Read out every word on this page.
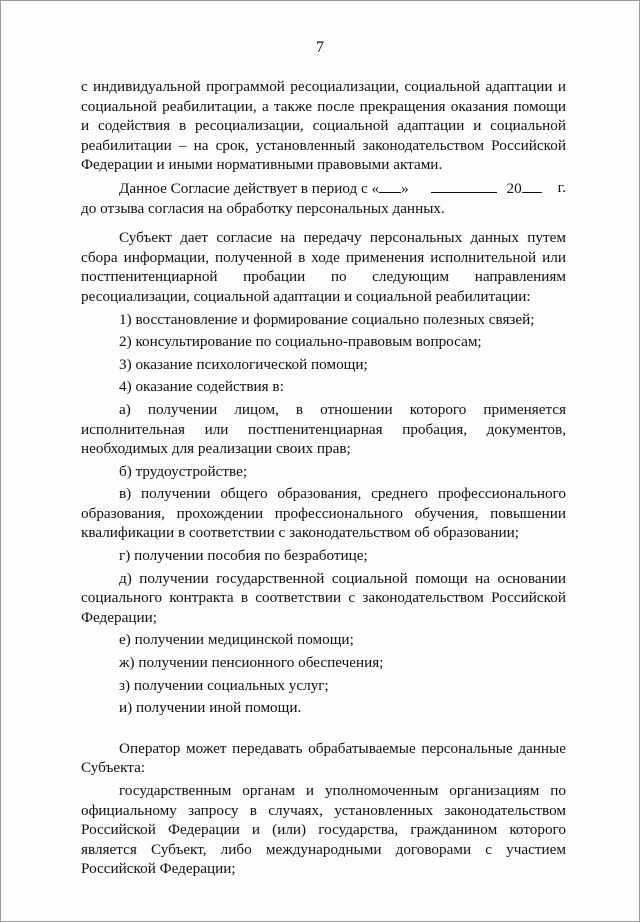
7

с индивидуальной программой ресоциализации, социальной адаптации и социальной реабилитации, а также после прекращения оказания помощи и содействия в ресоциализации, социальной адаптации и социальной реабилитации – на срок, установленный законодательством Российской Федерации и иными нормативными правовыми актами.

Данное Согласие действует в период с « »	20	г.

до отзыва согласия на обработку персональных данных.

Субъект дает согласие на передачу персональных данных путем сбора информации, полученной в ходе применения исполнительной или постпенитенциарной пробации по следующим направлениям ресоциализации, социальной адаптации и социальной реабилитации:

1) восстановление и формирование социально полезных связей;

2) консультирование по социально-правовым вопросам;

3) оказание психологической помощи;

4) оказание содействия в:

а) получении лицом, в отношении которого применяется исполнительная или постпенитенциарная пробация, документов, необходимых для реализации своих прав;

б) трудоустройстве;

в) получении общего образования, среднего профессионального образования, прохождении профессионального обучения, повышении квалификации в соответствии с законодательством об образовании;

г) получении пособия по безработице;

д) получении государственной социальной помощи на основании социального контракта в соответствии с законодательством Российской Федерации;

е) получении медицинской помощи;

ж) получении пенсионного обеспечения;

з) получении социальных услуг;

и) получении иной помощи.

Оператор может передавать обрабатываемые персональные данные Субъекта:

государственным органам и уполномоченным организациям по официальному запросу в случаях, установленных законодательством Российской Федерации и (или) государства, гражданином которого является Субъект, либо международными договорами с участием Российской Федерации;
